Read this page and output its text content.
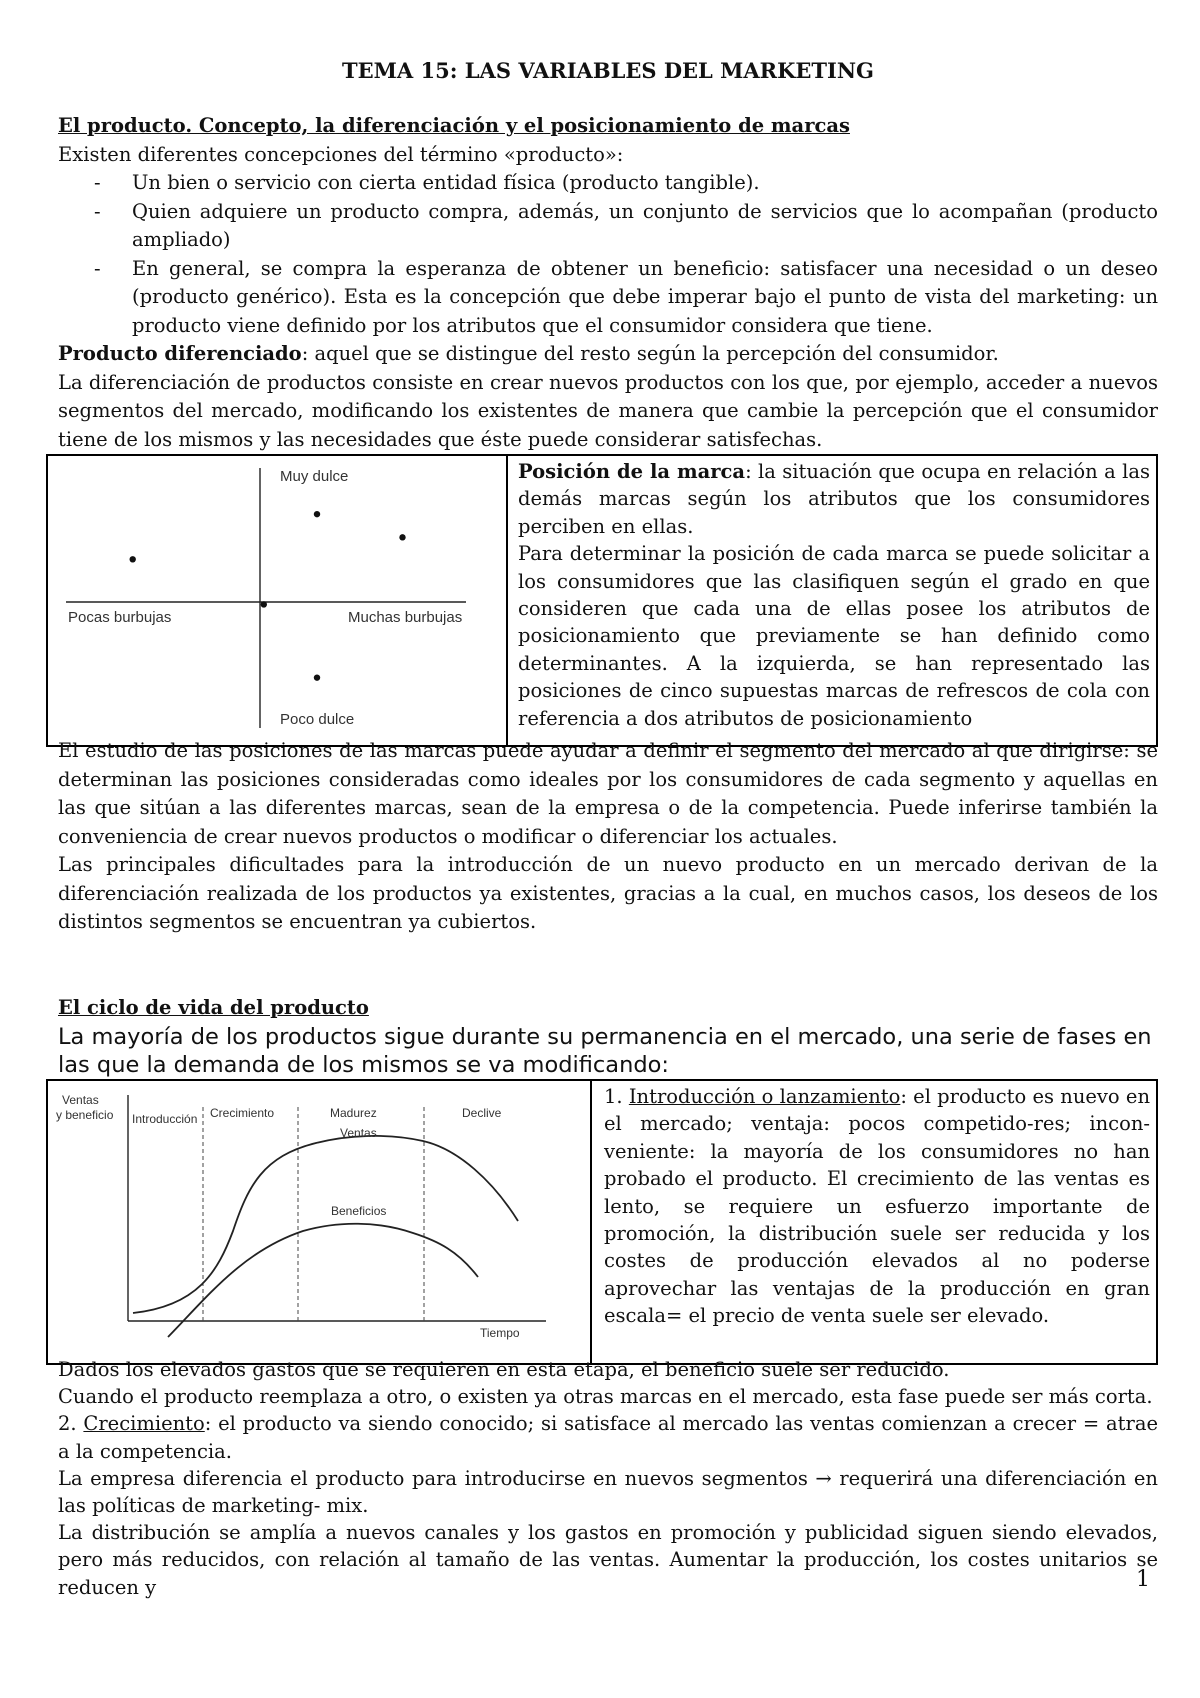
TEMA 15: LAS VARIABLES DEL MARKETING

El producto. Concepto, la diferenciación y el posicionamiento de marcas

Existen diferentes concepciones del término «producto»:

- Un bien o servicio con cierta entidad física (producto tangible).
- Quien adquiere un producto compra, además, un conjunto de servicios que lo acompañan (producto ampliado)
- En general, se compra la esperanza de obtener un beneficio: satisfacer una necesidad o un deseo (producto genérico). Esta es la concepción que debe imperar bajo el punto de vista del marketing: un producto viene definido por los atributos que el consumidor considera que tiene.

Producto diferenciado: aquel que se distingue del resto según la percepción del consumidor.

La diferenciación de productos consiste en crear nuevos productos con los que, por ejemplo, acceder a nuevos segmentos del mercado, modificando los existentes de manera que cambie la percepción que el consumidor tiene de los mismos y las necesidades que éste puede considerar satisfechas.

Muy dulce
Poco dulce
Pocas burbujas	Muchas burbujas

Posición de la marca: la situación que ocupa en relación a las demás marcas según los atributos que los consumidores perciben en ellas.

Para determinar la posición de cada marca se puede solicitar a los consumidores que las clasifiquen según el grado en que consideren que cada una de ellas posee los atributos de posicionamiento que previamente se han definido como determinantes. A la izquierda, se han representado las posiciones de cinco supuestas marcas de refrescos de cola con referencia a dos atributos de posicionamiento

El estudio de las posiciones de las marcas puede ayudar a definir el segmento del mercado al que dirigirse: se determinan las posiciones consideradas como ideales por los consumidores de cada segmento y aquellas en las que sitúan a las diferentes marcas, sean de la empresa o de la competencia. Puede inferirse también la conveniencia de crear nuevos productos o modificar o diferenciar los actuales.

Las principales dificultades para la introducción de un nuevo producto en un mercado derivan de la diferenciación realizada de los productos ya existentes, gracias a la cual, en muchos casos, los deseos de los distintos segmentos se encuentran ya cubiertos.

El ciclo de vida del producto

La mayoría de los productos sigue durante su permanencia en el mercado, una serie de fases en las que la demanda de los mismos se va modificando:

Ventas
y beneficio Introducción Crecimiento	Madurez	Declive
Ventas
Beneficios
Tiempo

1. Introducción o lanzamiento: el producto es nuevo en el mercado; ventaja: pocos competido-res; incon-veniente: la mayoría de los consumidores no han probado el producto. El crecimiento de las ventas es lento, se requiere un esfuerzo importante de promoción, la distribución suele ser reducida y los costes de producción elevados al no poderse aprovechar las ventajas de la producción en gran escala= el precio de venta suele ser elevado.

Dados los elevados gastos que se requieren en esta etapa, el beneficio suele ser reducido.

Cuando el producto reemplaza a otro, o existen ya otras marcas en el mercado, esta fase puede ser más corta.

2. Crecimiento: el producto va siendo conocido; si satisface al mercado las ventas comienzan a crecer = atrae a la competencia.

La empresa diferencia el producto para introducirse en nuevos segmentos → requerirá una diferenciación en las políticas de marketing- mix.

La distribución se amplía a nuevos canales y los gastos en promoción y publicidad siguen siendo elevados, pero más reducidos, con relación al tamaño de las ventas. Aumentar la producción, los costes unitarios se reducen y	1
